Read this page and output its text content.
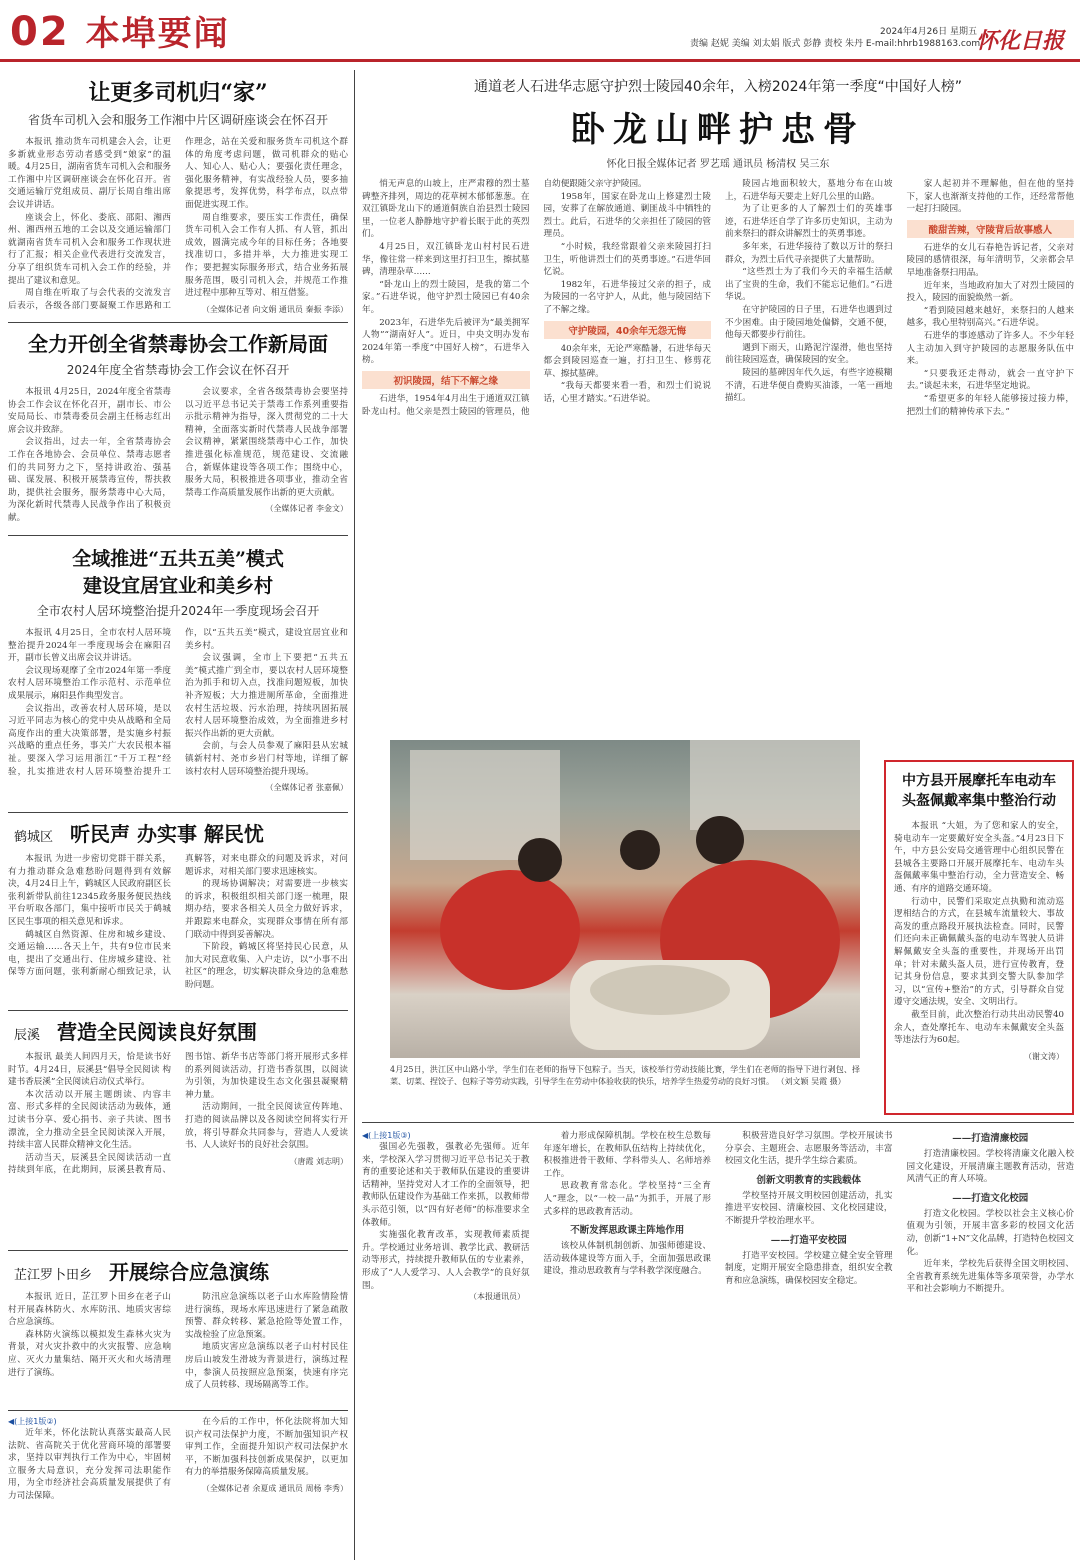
02 本埠要闻	责编 赵妮 美编 刘太娟 版式 彭静 责校 朱丹 E-mail:hhrb1988163.com
2024年4月26日 星期五 怀化日报
让更多司机归“家”
省货车司机入会和服务工作湘中片区调研座谈会在怀召开

本报讯 推动货车司机建会入会，让更多新就业形态劳动者感受到“娘家”的温暖。4月25日，湖南省货车司机入会和服务工作湘中片区调研座谈会在怀化召开。省交通运输厅党组成员、副厅长周自维出席会议并讲话。

座谈会上，怀化、娄底、邵阳、湘西州、湘西州五地的工会以及交通运输部门就湖南省货车司机入会和服务工作现状进行了汇报；相关企业代表进行交流发言，分享了组织货车司机入会工作的经验，并提出了建议和意见。

周自维在听取了与会代表的交流发言后表示，各级各部门要凝聚工作思路和工作理念，站在关爱和服务货车司机这个群体的角度考虑问题，做司机群众的贴心人、知心人、贴心人；要强化责任理念，强化服务精神，有实战经验人员，要多抽象提思考，发挥优势，科学布点，以点带面促进实现工作。

周自维要求，要压实工作责任，确保货车司机入会工作有人抓、有人管，抓出成效，圆满完成今年的目标任务；各地要找准切口，多措并举，大力推进实现工作；要把握实际服务形式，结合业务拓展服务范围，吸引司机入会，并规范工作推进过程中那种互等对、相互借鉴。

（全媒体记者 向文娟 通讯员 秦振 李添）
全力开创全省禁毒协会工作新局面
2024年度全省禁毒协会工作会议在怀召开

本报讯 4月25日，2024年度全省禁毒协会工作会议在怀化召开，副市长、市公安局局长、市禁毒委员会副主任杨志红出席会议并致辞。

会议指出，过去一年，全省禁毒协会工作在各地协会、会员单位、禁毒志愿者们的共同努力之下，坚持讲政治、强基础、谋发展、积极开展禁毒宣传，帮扶救助，提供社会服务，服务禁毒中心大局，为深化新时代禁毒人民战争作出了积极贡献。

会议要求，全省各级禁毒协会要坚持以习近平总书记关于禁毒工作系列重要指示批示精神为指导，深入贯彻党的二十大精神，全面落实新时代禁毒人民战争部署会议精神，紧紧围绕禁毒中心工作，加快推进强化标准规范，规范建设、交流融合，新媒体建设等各项工作；围绕中心，服务大局，积极推进各项事业，推动全省禁毒工作高质量发展作出新的更大贡献。

（全媒体记者 李金文）
全域推进“五共五美”模式
建设宜居宜业和美乡村
全市农村人居环境整治提升2024年一季度现场会召开

本报讯 4月25日，全市农村人居环境整治提升2024年一季度现场会在麻阳召开，副市长曾义出席会议并讲话。

会议现场观摩了全市2024年第一季度农村人居环境整治工作示范村、示范单位成果展示，麻阳县作典型发言。

会议指出，改善农村人居环境，是以习近平同志为核心的党中央从战略和全局高度作出的重大决策部署，是实施乡村振兴战略的重点任务，事关广大农民根本福祉。要深入学习运用浙江“千万工程”经验，扎实推进农村人居环境整治提升工作，以“五共五美”模式，建设宜居宜业和美乡村。

会议强调，全市上下要把“五共五美”模式推广到全市，要以农村人居环境整治为抓手和切入点，找准问题短板，加快补齐短板；大力推进厕所革命，全面推进农村生活垃圾、污水治理，持续巩固拓展农村人居环境整治成效，为全面推进乡村振兴作出新的更大贡献。

会前，与会人员参观了麻阳县从宏城镇新村村、尧市乡岩门村等地，详细了解该村农村人居环境整治提升现场。

（全媒体记者 张嘉佩）
鹤城区 听民声 办实事 解民忧

本报讯 为进一步密切党群干群关系，有力推动群众急难愁盼问题得到有效解决，4月24日上午，鹤城区人民政府副区长张利新带队前往12345政务服务便民热线平台听取各部门，集中接听市民关于鹤城区民生事项的相关意见和诉求。

鹤城区自然资源、住房和城乡建设、交通运输……各天上午，共有9位市民来电，提出了交通出行、住房城乡建设、社保等方面问题，张利新耐心细致记录，认真解答，对来电群众的问题及诉求，对问题诉求，对相关部门要求迅速核实。

的现场协调解决；对需要进一步核实的诉求，积极组织相关部门逐一梳理，限期办结，要求各相关人员全力做好诉求，并跟踪来电群众，实现群众事情在所有部门联动中得到妥善解决。

下阶段，鹤城区将坚持民心民意，从加大对民意收集、入户走访，以“小事不出社区”的理念，切实解决群众身边的急难愁盼问题。

辰溪 营造全民阅读良好氛围

本报讯 最美人间四月天，恰是读书好时节。4月24日，辰溪县“倡导全民阅读 构建书香辰溪”全民阅读启动仪式举行。

本次活动以开展主题朗读、内容丰富、形式多样的全民阅读活动为载体，通过读书分享、爱心捐书、亲子共读、图书漂流，全力推动全县全民阅读深入开展，持续丰富人民群众精神文化生活。

活动当天，辰溪县全民阅读活动一直持续到年底，在此期间，辰溪县教育局、图书馆、新华书店等部门将开展形式多样的系列阅读活动，打造书香氛围，以阅读为引领，为加快建设生态文化强县凝聚精神力量。

活动期间，一批全民阅读宣传阵地、打造的阅读品牌以及各阅读空间将实行开放，将引导群众共同参与，营造人人爱读书、人人读好书的良好社会氛围。

（唐霞 刘志明）
芷江罗卜田乡 开展综合应急演练

本报讯 近日，芷江罗卜田乡在老子山村开展森林防火、水库防汛、地质灾害综合应急演练。

森林防火演练以模拟发生森林火灾为背景，对火灾扑救中的火灾报警、应急响应、灭火力量集结、隔开灭火和火场清理进行了演练。

防汛应急演练以老子山水库险情险情进行演练，现场水库迅速进行了紧急疏散预警、群众转移、紧急抢险等处置工作，实战检验了应急预案。

地质灾害应急演练以老子山村村民住房后山坡发生滑坡为背景进行，演练过程中，参演人员按照应急预案，快速有序完成了人员转移、现场隔离等工作。

（本报通讯员）
◀(上接1版②)

近年来，怀化法院认真落实最高人民法院、省高院关于优化营商环境的部署要求，坚持以审判执行工作为中心，牢固树立服务大局意识，充分发挥司法职能作用，为全市经济社会高质量发展提供了有力司法保障。

在今后的工作中，怀化法院将加大知识产权司法保护力度，不断加强知识产权审判工作，全面提升知识产权司法保护水平，不断加强科技创新成果保护，以更加有力的举措服务保障高质量发展。

（全媒体记者 余夏成 通讯员 周杨 李秀）
通道老人石进华志愿守护烈士陵园40余年，入榜2024年第一季度“中国好人榜”
卧龙山畔护忠骨
怀化日报全媒体记者 罗艺瑶 通讯员 杨清权 吴三东

悄无声息的山坡上，庄严肃穆的烈士墓碑整齐排列，周边的花草树木郁郁葱葱。在双江镇卧龙山下的通道侗族自治县烈士陵园里，一位老人静静地守护着长眠于此的英烈们。

4月25日，双江镇卧龙山村村民石进华，像往常一样来到这里打扫卫生，擦拭墓碑，清理杂草……

“卧龙山上的烈士陵园，是我的第二个家。”石进华说，他守护烈士陵园已有40余年。

2023年，石进华先后被评为“最美拥军人物”“湖南好人”。近日，中央文明办发布2024年第一季度“中国好人榜”，石进华入榜。

初识陵园，结下不解之缘

石进华，1954年4月出生于通道双江镇卧龙山村。他父亲是烈士陵园的管理员，他自幼便跟随父亲守护陵园。

1958年，国家在卧龙山上修建烈士陵园，安葬了在解放通道、剿匪战斗中牺牲的烈士。此后，石进华的父亲担任了陵园的管理员。

“小时候，我经常跟着父亲来陵园打扫卫生，听他讲烈士们的英勇事迹。”石进华回忆说。

1982年，石进华接过父亲的担子，成为陵园的一名守护人，从此，他与陵园结下了不解之缘。

守护陵园，40余年无怨无悔

40余年来，无论严寒酷暑，石进华每天都会到陵园巡查一遍，打扫卫生、修剪花草、擦拭墓碑。

“我每天都要来看一看，和烈士们说说话，心里才踏实。”石进华说。

陵园占地面积较大，墓地分布在山坡上，石进华每天要走上好几公里的山路。

为了让更多的人了解烈士们的英雄事迹，石进华还自学了许多历史知识，主动为前来祭扫的群众讲解烈士的英勇事迹。

多年来，石进华接待了数以万计的祭扫群众，为烈士后代寻亲提供了大量帮助。

“这些烈士为了我们今天的幸福生活献出了宝贵的生命，我们不能忘记他们。”石进华说。

在守护陵园的日子里，石进华也遇到过不少困难。由于陵园地处偏僻，交通不便，他每天都要步行前往。

遇到下雨天，山路泥泞湿滑，他也坚持前往陵园巡查，确保陵园的安全。

陵园的墓碑因年代久远，有些字迹模糊不清，石进华便自费购买油漆，一笔一画地描红。

家人起初并不理解他，但在他的坚持下，家人也渐渐支持他的工作，还经常帮他一起打扫陵园。

酸甜苦辣，守陵背后故事感人

石进华的女儿石春艳告诉记者，父亲对陵园的感情很深，每年清明节，父亲都会早早地准备祭扫用品。

近年来，当地政府加大了对烈士陵园的投入，陵园的面貌焕然一新。

“看到陵园越来越好，来祭扫的人越来越多，我心里特别高兴。”石进华说。

石进华的事迹感动了许多人。不少年轻人主动加入到守护陵园的志愿服务队伍中来。

“只要我还走得动，就会一直守护下去。”谈起未来，石进华坚定地说。

“希望更多的年轻人能够接过接力棒，把烈士们的精神传承下去。”

4月25日，洪江区中山路小学，学生们在老师的指导下包粽子。当天，该校举行劳动技能比赛，学生们在老师的指导下进行剥包、择菜、切菜、捏饺子、包粽子等劳动实践，引导学生在劳动中体验收获的快乐，培养学生热爱劳动的良好习惯。 （刘文颖 吴霞 摄）
中方县开展摩托车电动车
头盔佩戴率集中整治行动

本报讯 “大姐，为了您和家人的安全，骑电动车一定要戴好安全头盔。”4月23日下午，中方县公安局交通管理中心组织民警在县城各主要路口开展开展摩托车、电动车头盔佩戴率集中整治行动，全力营造安全、畅通、有序的道路交通环境。

行动中，民警们采取定点执勤和流动巡逻相结合的方式，在县城车流量较大、事故高发的重点路段开展执法检查。同时，民警们还向未正确佩戴头盔的电动车驾驶人员讲解佩戴安全头盔的重要性，并现场开出罚单；针对未戴头盔人员，进行宣传教育，登记其身份信息，要求其到交警大队参加学习，以“宣传+整治”的方式，引导群众自觉遵守交通法规，安全、文明出行。

截至目前，此次整治行动共出动民警40余人，查处摩托车、电动车未佩戴安全头盔等违法行为60起。

（谢文涛）
◀(上接1版③)

强国必先强教，强教必先强师。近年来，学校深入学习贯彻习近平总书记关于教育的重要论述和关于教师队伍建设的重要讲话精神，坚持党对人才工作的全面领导，把教师队伍建设作为基础工作来抓，以教师带头示范引领，以“四有好老师”的标准要求全体教师。

实施强化教育改革，实现教师素质提升。学校通过业务培训、教学比武、教研活动等形式，持续提升教师队伍的专业素养，形成了“人人爱学习、人人会教学”的良好氛围。

着力形成保障机制。学校在校生总数每年逐年增长，在教师队伍结构上持续优化，积极推进骨干教师、学科带头人、名师培养工作。

思政教育常态化。学校坚持“三全育人”理念，以“一校一品”为抓手，开展了形式多样的思政教育活动。

不断发挥思政课主阵地作用

该校从体制机制创新、加强师德建设、活动载体建设等方面入手，全面加强思政课建设，推动思政教育与学科教学深度融合。

积极营造良好学习氛围。学校开展读书分享会、主题班会、志愿服务等活动，丰富校园文化生活，提升学生综合素质。

创新文明教育的实践载体

学校坚持开展文明校园创建活动，扎实推进平安校园、清廉校园、文化校园建设，不断提升学校治理水平。

——打造平安校园

打造平安校园。学校建立健全安全管理制度，定期开展安全隐患排查，组织安全教育和应急演练，确保校园安全稳定。

——打造清廉校园

打造清廉校园。学校将清廉文化融入校园文化建设，开展清廉主题教育活动，营造风清气正的育人环境。

——打造文化校园

打造文化校园。学校以社会主义核心价值观为引领，开展丰富多彩的校园文化活动，创新“1+N”文化品牌，打造特色校园文化。

近年来，学校先后获得全国文明校园、全省教育系统先进集体等多项荣誉，办学水平和社会影响力不断提升。
